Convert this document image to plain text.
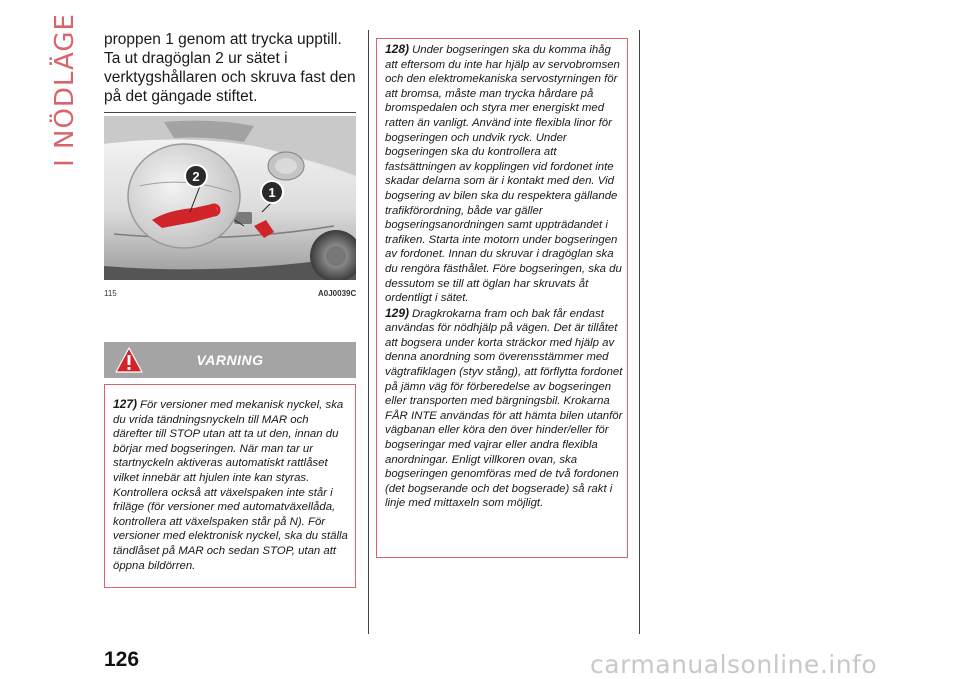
I NÖDLÄGE proppen 1 genom att trycka upptill. Ta ut dragöglan 2 ur sätet i verktygshållaren och skruva fast den på det gängade stiftet.

2
1
115	A0J0039C
VARNING

127) För versioner med mekanisk nyckel, ska du vrida tändningsnyckeln till MAR och därefter till STOP utan att ta ut den, innan du börjar med bogseringen. När man tar ur startnyckeln aktiveras automatiskt rattlåset vilket innebär att hjulen inte kan styras. Kontrollera också att växelspaken inte står i friläge (för versioner med automatväxellåda, kontrollera att växelspaken står på N). För versioner med elektronisk nyckel, ska du ställa tändlåset på MAR och sedan STOP, utan att öppna bildörren.

128) Under bogseringen ska du komma ihåg att eftersom du inte har hjälp av servobromsen och den elektromekaniska servostyrningen för att bromsa, måste man trycka hårdare på bromspedalen och styra mer energiskt med ratten än vanligt. Använd inte flexibla linor för bogseringen och undvik ryck. Under bogseringen ska du kontrollera att fastsättningen av kopplingen vid fordonet inte skadar delarna som är i kontakt med den. Vid bogsering av bilen ska du respektera gällande trafikförordning, både var gäller bogseringsanordningen samt uppträdandet i trafiken. Starta inte motorn under bogseringen av fordonet. Innan du skruvar i dragöglan ska du rengöra fästhålet. Före bogseringen, ska du dessutom se till att öglan har skruvats åt ordentligt i sätet.

129) Dragkrokarna fram och bak får endast användas för nödhjälp på vägen. Det är tillåtet att bogsera under korta sträckor med hjälp av denna anordning som överensstämmer med vägtrafiklagen (styv stång), att förflytta fordonet på jämn väg för förberedelse av bogseringen eller transporten med bärgningsbil. Krokarna FÅR INTE användas för att hämta bilen utanför vägbanan eller köra den över hinder/eller för bogseringar med vajrar eller andra flexibla anordningar. Enligt villkoren ovan, ska bogseringen genomföras med de två fordonen (det bogserande och det bogserade) så rakt i linje med mittaxeln som möjligt.

126	carmanualsonline.info
